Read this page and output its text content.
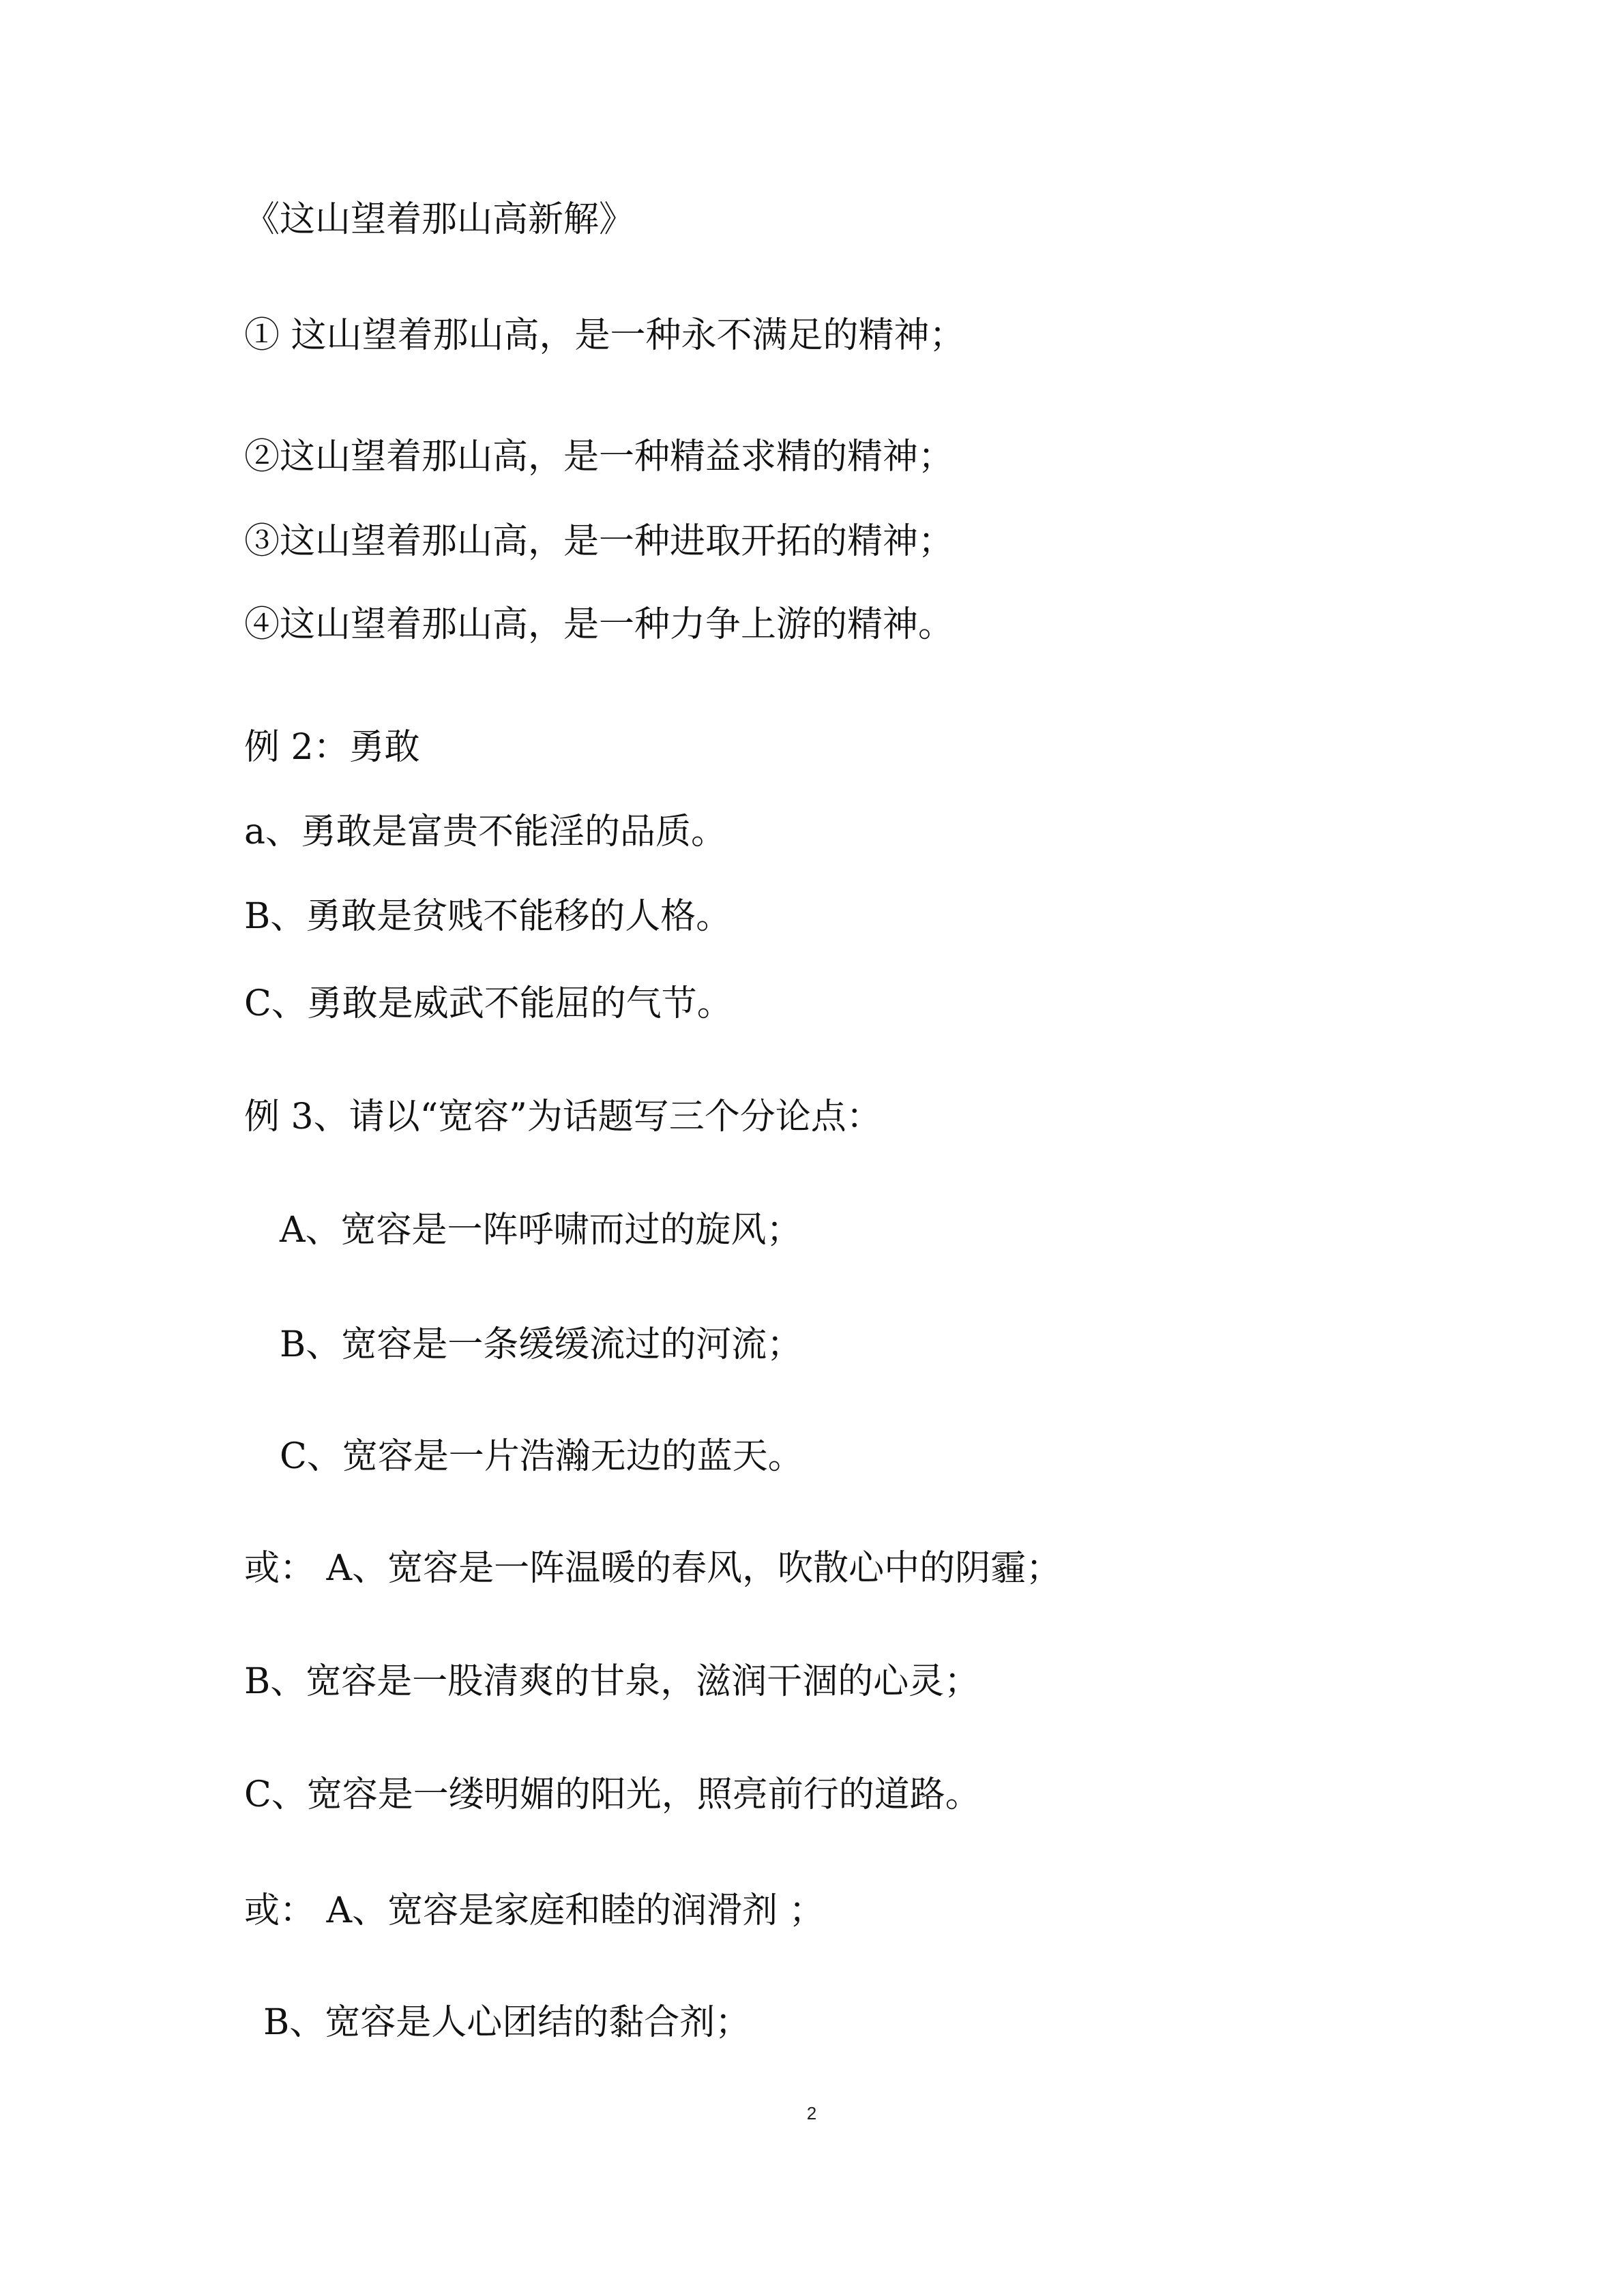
《这山望着那山高新解》
① 这山望着那山高，是一种永不满足的精神；
②这山望着那山高，是一种精益求精的精神；
③这山望着那山高，是一种进取开拓的精神；
④这山望着那山高，是一种力争上游的精神。
例 2：勇敢
a、勇敢是富贵不能淫的品质。
B、勇敢是贫贱不能移的人格。
C、勇敢是威武不能屈的气节。
例 3、请以“宽容”为话题写三个分论点：
A、宽容是一阵呼啸而过的旋风；
B、宽容是一条缓缓流过的河流；
C、宽容是一片浩瀚无边的蓝天。
或： A、宽容是一阵温暖的春风，吹散心中的阴霾；
B、宽容是一股清爽的甘泉，滋润干涸的心灵；
C、宽容是一缕明媚的阳光，照亮前行的道路。
或： A、宽容是家庭和睦的润滑剂 ；
B、宽容是人心团结的黏合剂；
2
